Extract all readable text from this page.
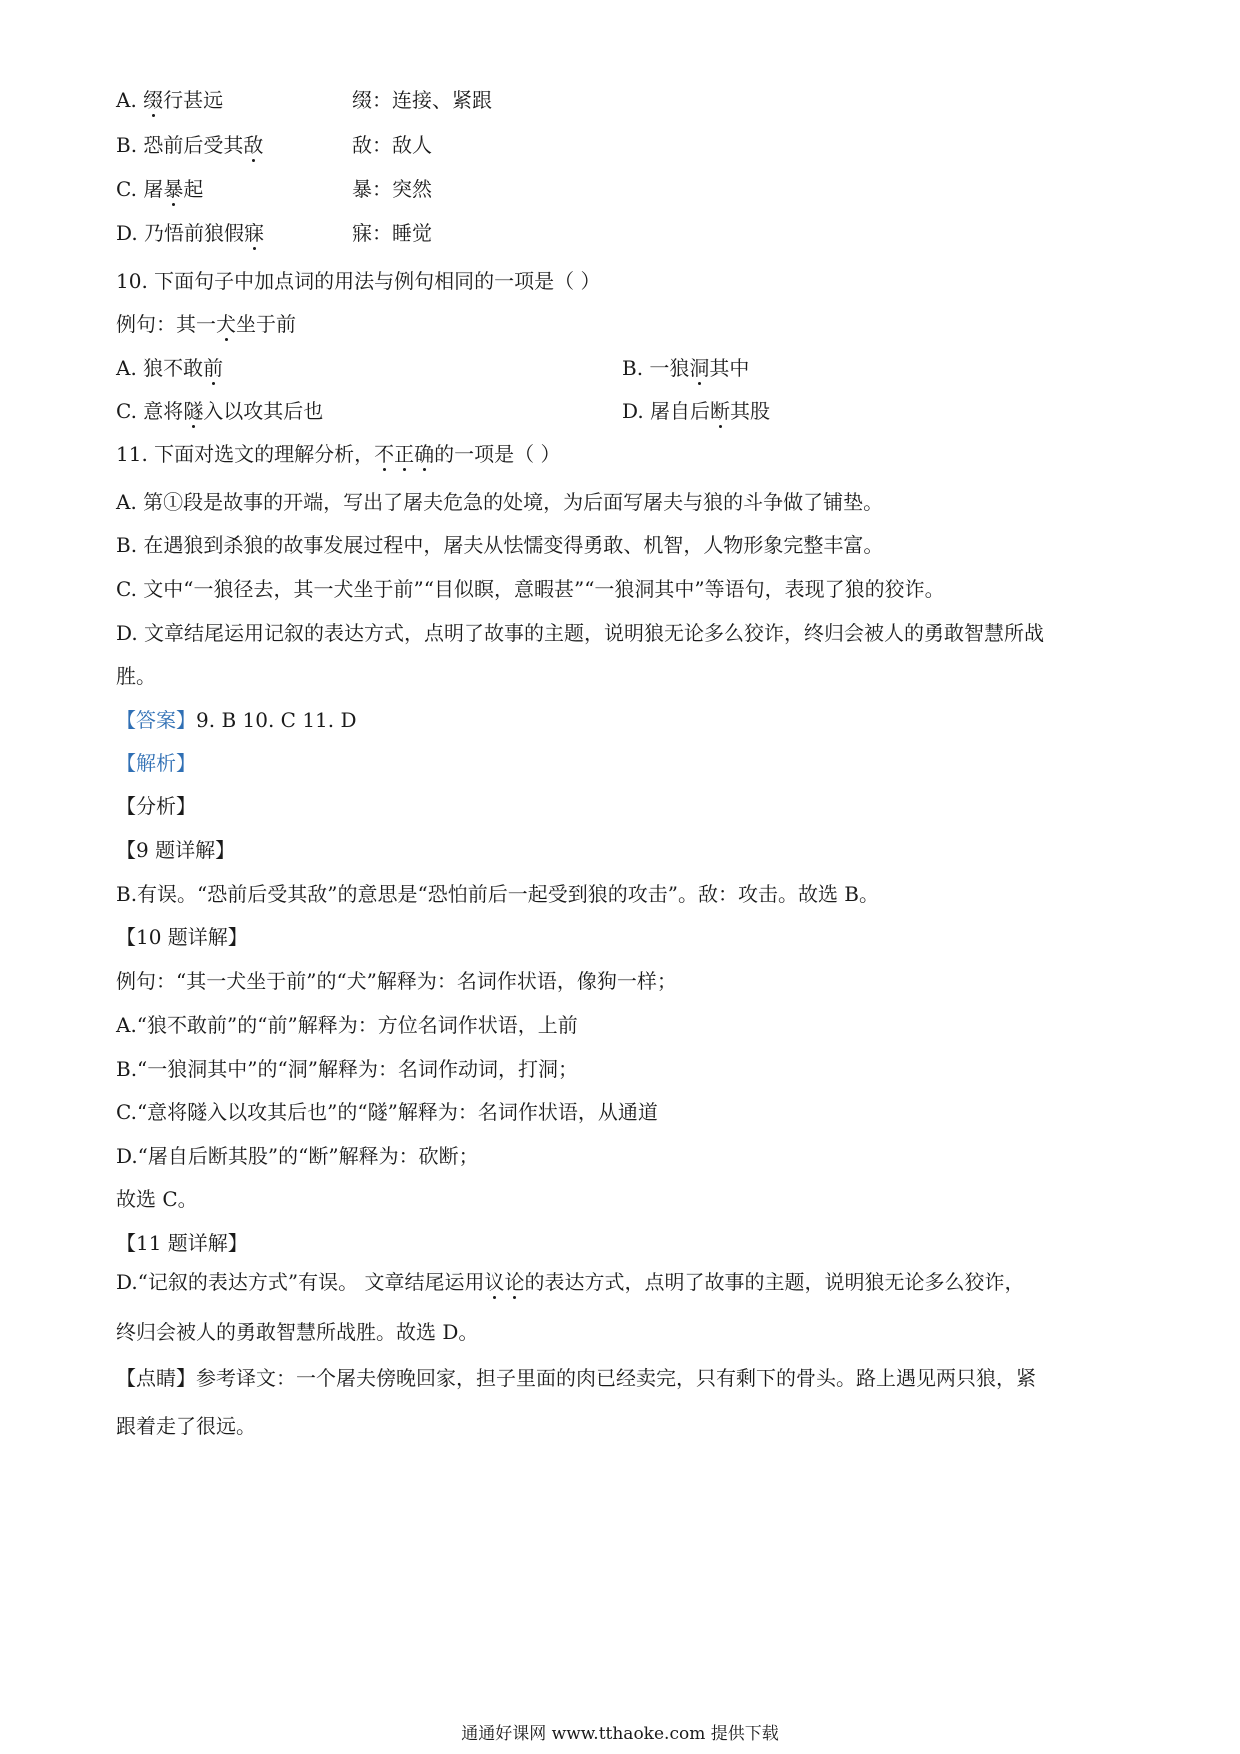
A. 缀行甚远	缀：连接、紧跟
B. 恐前后受其敌	敌：敌人
C. 屠暴起	暴：突然
D. 乃悟前狼假寐	寐：睡觉
10. 下面句子中加点词的用法与例句相同的一项是（ ）
例句：其一犬坐于前
A. 狼不敢前	B. 一狼洞其中
C. 意将隧入以攻其后也	D. 屠自后断其股
11. 下面对选文的理解分析，不正确的一项是（ ）
A. 第①段是故事的开端，写出了屠夫危急的处境，为后面写屠夫与狼的斗争做了铺垫。
B. 在遇狼到杀狼的故事发展过程中，屠夫从怯懦变得勇敢、机智，人物形象完整丰富。
C. 文中“一狼径去，其一犬坐于前”“目似瞑，意暇甚”“一狼洞其中”等语句，表现了狼的狡诈。
D. 文章结尾运用记叙的表达方式，点明了故事的主题，说明狼无论多么狡诈，终归会被人的勇敢智慧所战
胜。
【答案】9. B 10. C 11. D
【解析】
【分析】
【9 题详解】
B.有误。“恐前后受其敌”的意思是“恐怕前后一起受到狼的攻击”。敌：攻击。故选 B。
【10 题详解】
例句：“其一犬坐于前”的“犬”解释为：名词作状语，像狗一样；
A.“狼不敢前”的“前”解释为：方位名词作状语，上前
B.“一狼洞其中”的“洞”解释为：名词作动词，打洞；
C.“意将隧入以攻其后也”的“隧”解释为：名词作状语，从通道
D.“屠自后断其股”的“断”解释为：砍断；
故选 C。
【11 题详解】
D.“记叙的表达方式”有误。 文章结尾运用议论的表达方式，点明了故事的主题，说明狼无论多么狡诈，
终归会被人的勇敢智慧所战胜。故选 D。
【点睛】参考译文：一个屠夫傍晚回家，担子里面的肉已经卖完，只有剩下的骨头。路上遇见两只狼，紧
跟着走了很远。
通通好课网 www.tthaoke.com 提供下载
